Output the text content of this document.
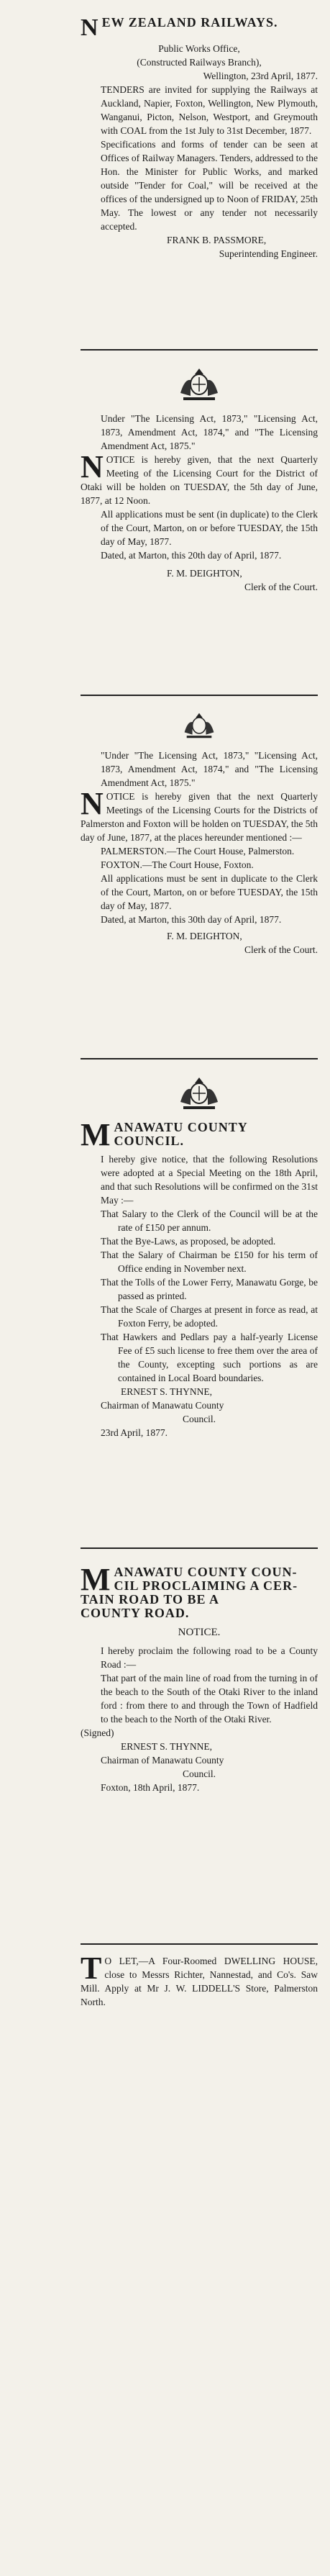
NEW ZEALAND RAILWAYS.

Public Works Office,

(Constructed Railways Branch),

Wellington, 23rd April, 1877.

TENDERS are invited for supplying the Railways at Auckland, Napier, Foxton, Wellington, New Plymouth, Wanganui, Picton, Nelson, Westport, and Greymouth with COAL from the 1st July to 31st December, 1877.

Specifications and forms of tender can be seen at Offices of Railway Managers. Tenders, addressed to the Hon. the Minister for Public Works, and marked outside "Tender for Coal," will be received at the offices of the undersigned up to Noon of FRIDAY, 25th May. The lowest or any tender not necessarily accepted.

FRANK B. PASSMORE,

Superintending Engineer.

Under "The Licensing Act, 1873," "Licensing Act, 1873, Amendment Act, 1874," and "The Licensing Amendment Act, 1875."

NOTICE is hereby given, that the next Quarterly Meeting of the Licensing Court for the District of Otaki will be holden on TUESDAY, the 5th day of June, 1877, at 12 Noon.

All applications must be sent (in duplicate) to the Clerk of the Court, Marton, on or before TUESDAY, the 15th day of May, 1877.

Dated, at Marton, this 20th day of April, 1877.

F. M. DEIGHTON,

Clerk of the Court.

"Under "The Licensing Act, 1873," "Licensing Act, 1873, Amendment Act, 1874," and "The Licensing Amendment Act, 1875."

NOTICE is hereby given that the next Quarterly Meetings of the Licensing Courts for the Districts of Palmerston and Foxton will be holden on TUESDAY, the 5th day of June, 1877, at the places hereunder mentioned :—

PALMERSTON.—The Court House, Palmerston.

FOXTON.—The Court House, Foxton.

All applications must be sent in duplicate to the Clerk of the Court, Marton, on or before TUESDAY, the 15th day of May, 1877.

Dated, at Marton, this 30th day of April, 1877.

F. M. DEIGHTON,

Clerk of the Court.

MANAWATU COUNTY
COUNCIL.

I hereby give notice, that the following Resolutions were adopted at a Special Meeting on the 18th April, and that such Resolutions will be confirmed on the 31st May :—

That Salary to the Clerk of the Council will be at the rate of £150 per annum.

That the Bye-Laws, as proposed, be adopted.

That the Salary of Chairman be £150 for his term of Office ending in November next.

That the Tolls of the Lower Ferry, Manawatu Gorge, be passed as printed.

That the Scale of Charges at present in force as read, at Foxton Ferry, be adopted.

That Hawkers and Pedlars pay a half-yearly License Fee of £5 such license to free them over the area of the County, excepting such portions as are contained in Local Board boundaries.

ERNEST S. THYNNE,

Chairman of Manawatu County

Council.

23rd April, 1877.

MANAWATU COUNTY COUN-
CIL PROCLAIMING A CER-
TAIN ROAD TO BE A
COUNTY ROAD.

NOTICE.

I hereby proclaim the following road to be a County Road :—

That part of the main line of road from the turning in of the beach to the South of the Otaki River to the inland ford : from there to and through the Town of Hadfield to the beach to the North of the Otaki River.

(Signed)

ERNEST S. THYNNE,

Chairman of Manawatu County

Council.

Foxton, 18th April, 1877.

T O LET,—A Four-Roomed DWELLING HOUSE, close to Messrs Richter, Nannestad, and Co's. Saw Mill. Apply at Mr J. W. LIDDELL'S Store, Palmerston North.
